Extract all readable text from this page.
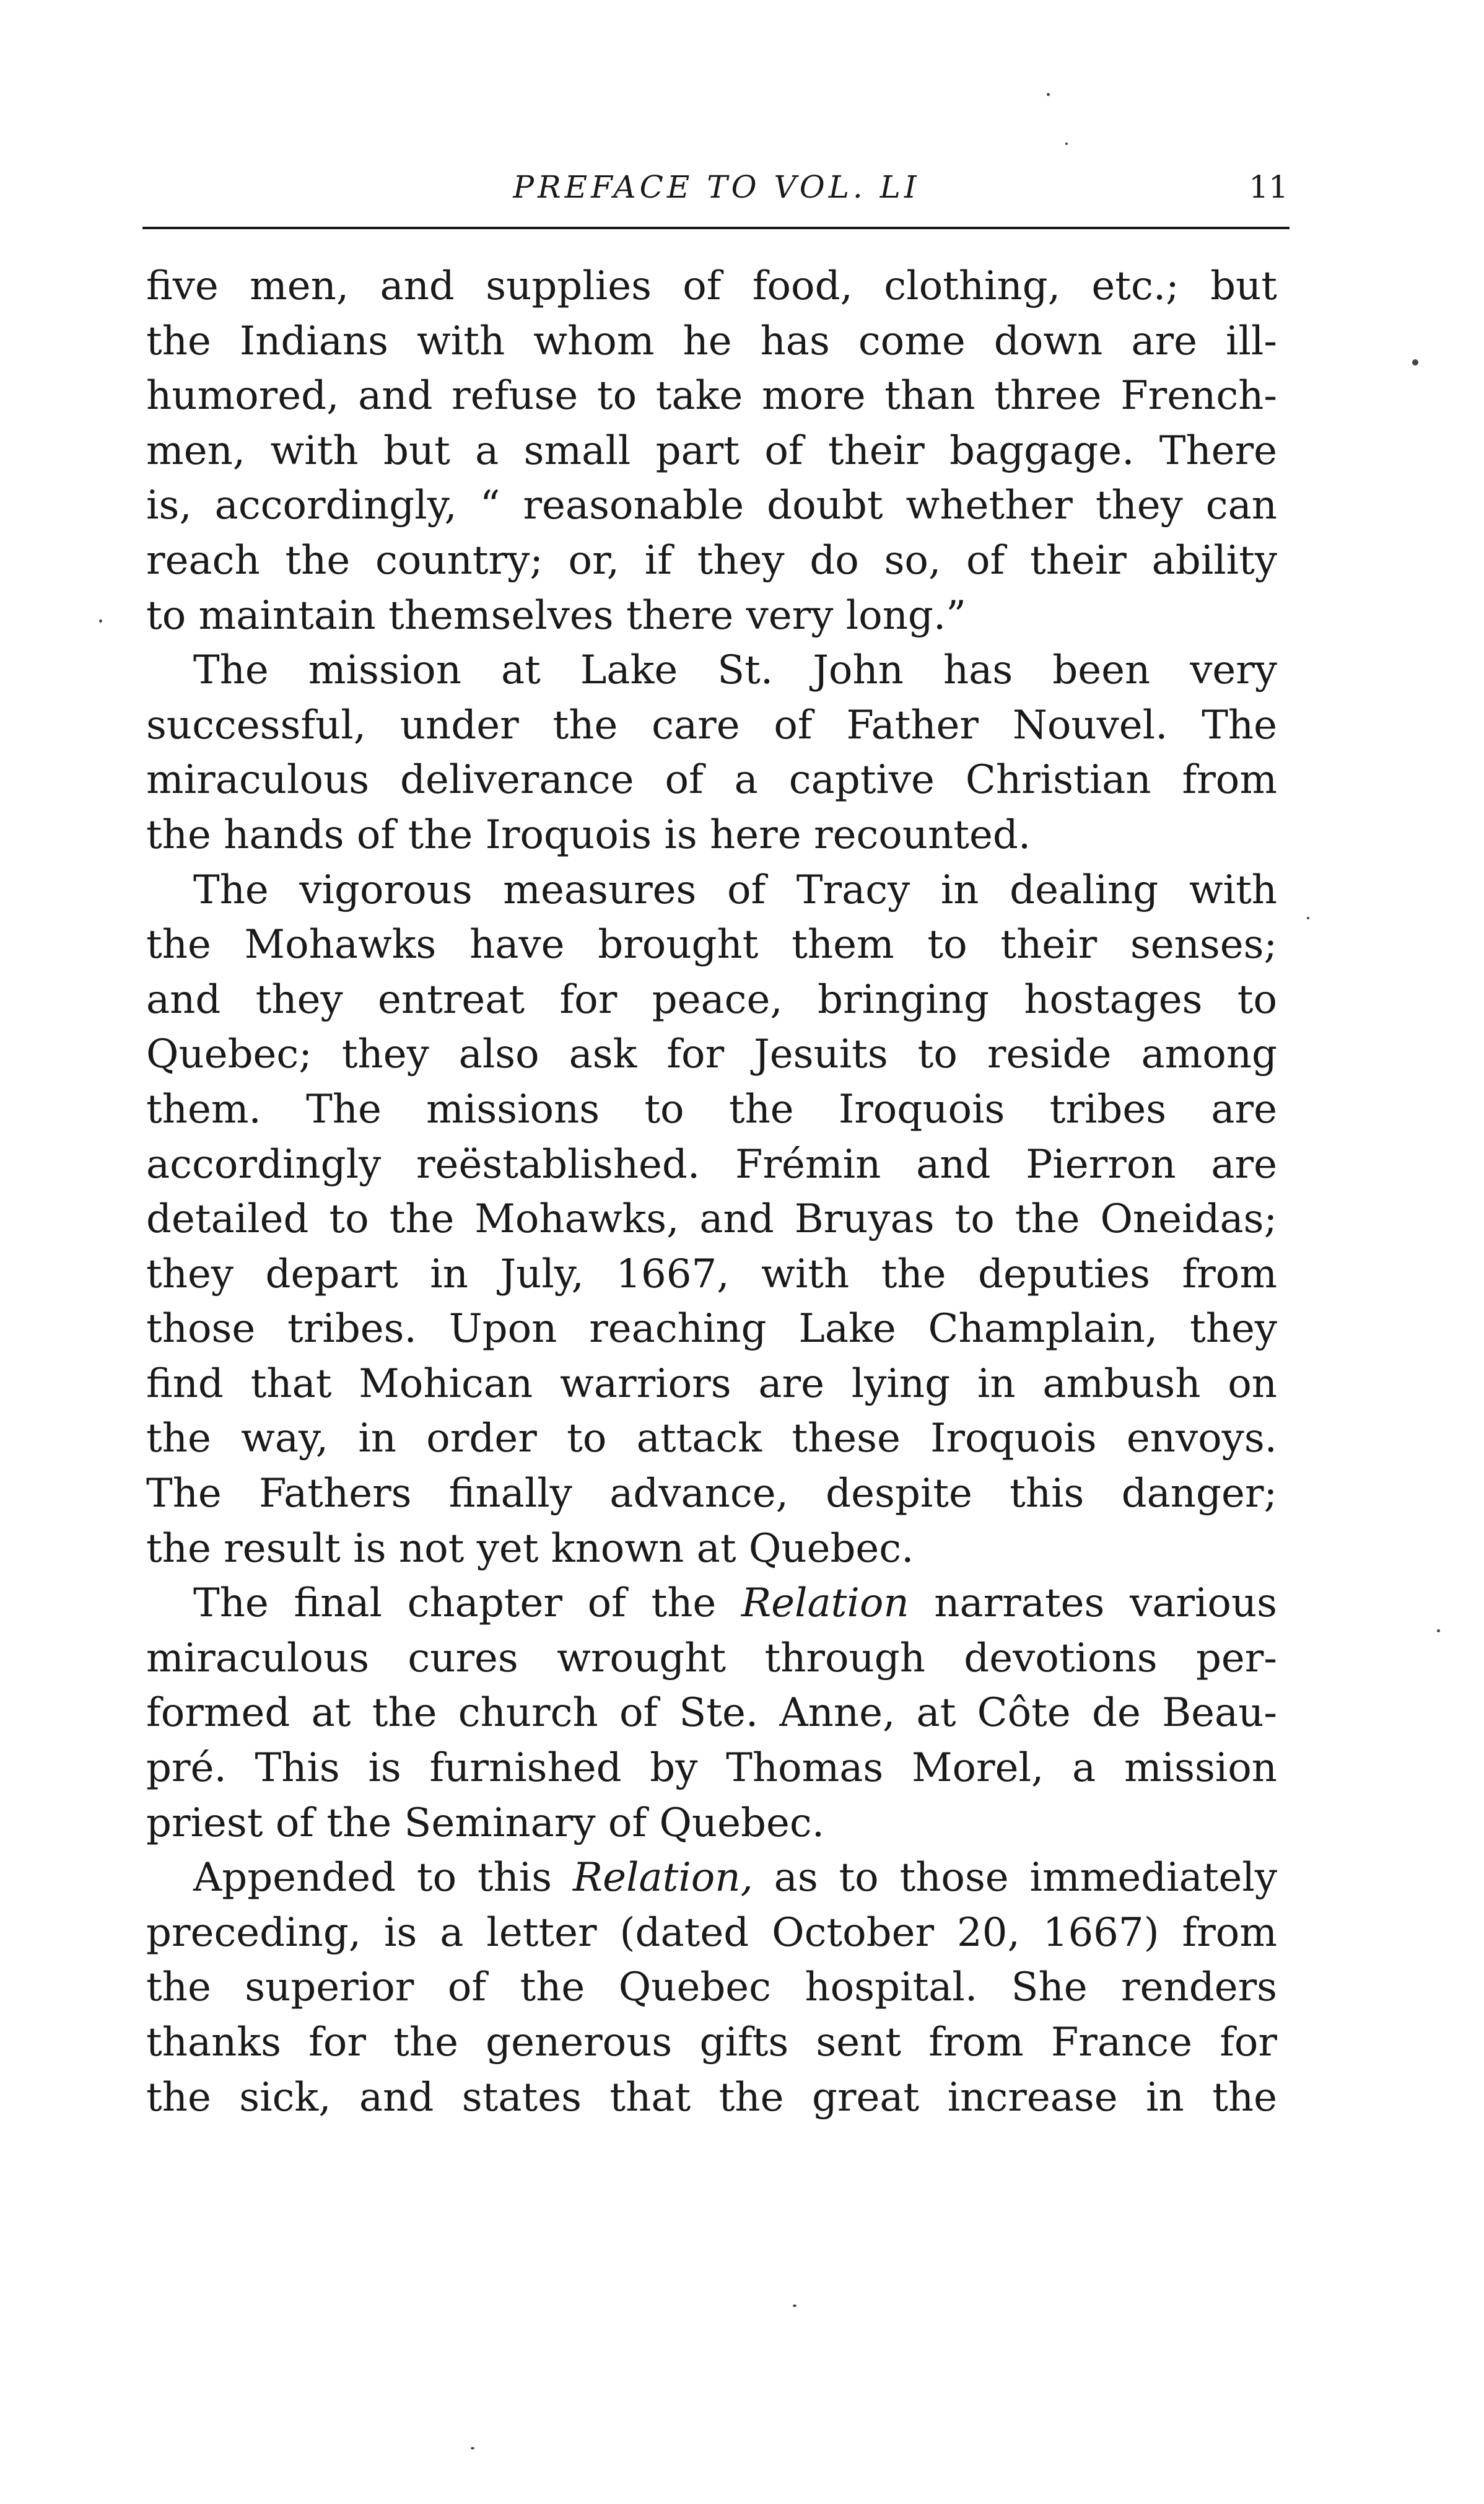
PREFACE TO VOL. LI	11
five men, and supplies of food, clothing, etc.; but
the Indians with whom he has come down are ill-
humored, and refuse to take more than three French-
men, with but a small part of their baggage. There
is, accordingly, “ reasonable doubt whether they can
reach the country; or, if they do so, of their ability
to maintain themselves there very long.”
The mission at Lake St. John has been very
successful, under the care of Father Nouvel. The
miraculous deliverance of a captive Christian from
the hands of the Iroquois is here recounted.
The vigorous measures of Tracy in dealing with
the Mohawks have brought them to their senses;
and they entreat for peace, bringing hostages to
Quebec; they also ask for Jesuits to reside among
them. The missions to the Iroquois tribes are
accordingly reëstablished. Frémin and Pierron are
detailed to the Mohawks, and Bruyas to the Oneidas;
they depart in July, 1667, with the deputies from
those tribes. Upon reaching Lake Champlain, they
find that Mohican warriors are lying in ambush on
the way, in order to attack these Iroquois envoys.
The Fathers finally advance, despite this danger;
the result is not yet known at Quebec.
The final chapter of the Relation narrates various
miraculous cures wrought through devotions per-
formed at the church of Ste. Anne, at Côte de Beau-
pré. This is furnished by Thomas Morel, a mission
priest of the Seminary of Quebec.
Appended to this Relation, as to those immediately
preceding, is a letter (dated October 20, 1667) from
the superior of the Quebec hospital. She renders
thanks for the generous gifts sent from France for
the sick, and states that the great increase in the
